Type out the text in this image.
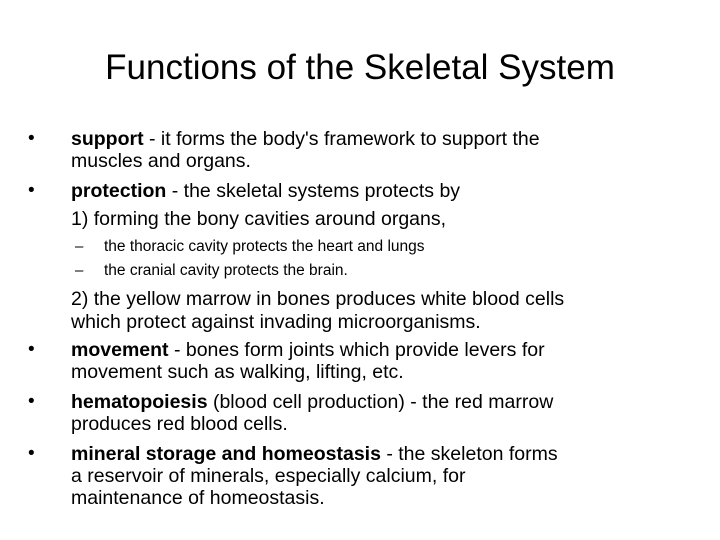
Functions of the Skeletal System
• support - it forms the body's framework to support the
muscles and organs.
• protection - the skeletal systems protects by
1) forming the bony cavities around organs,
– the thoracic cavity protects the heart and lungs
– the cranial cavity protects the brain.
2) the yellow marrow in bones produces white blood cells
which protect against invading microorganisms.
• movement - bones form joints which provide levers for
movement such as walking, lifting, etc.
• hematopoiesis (blood cell production) - the red marrow
produces red blood cells.
• mineral storage and homeostasis - the skeleton forms
a reservoir of minerals, especially calcium, for
maintenance of homeostasis.
